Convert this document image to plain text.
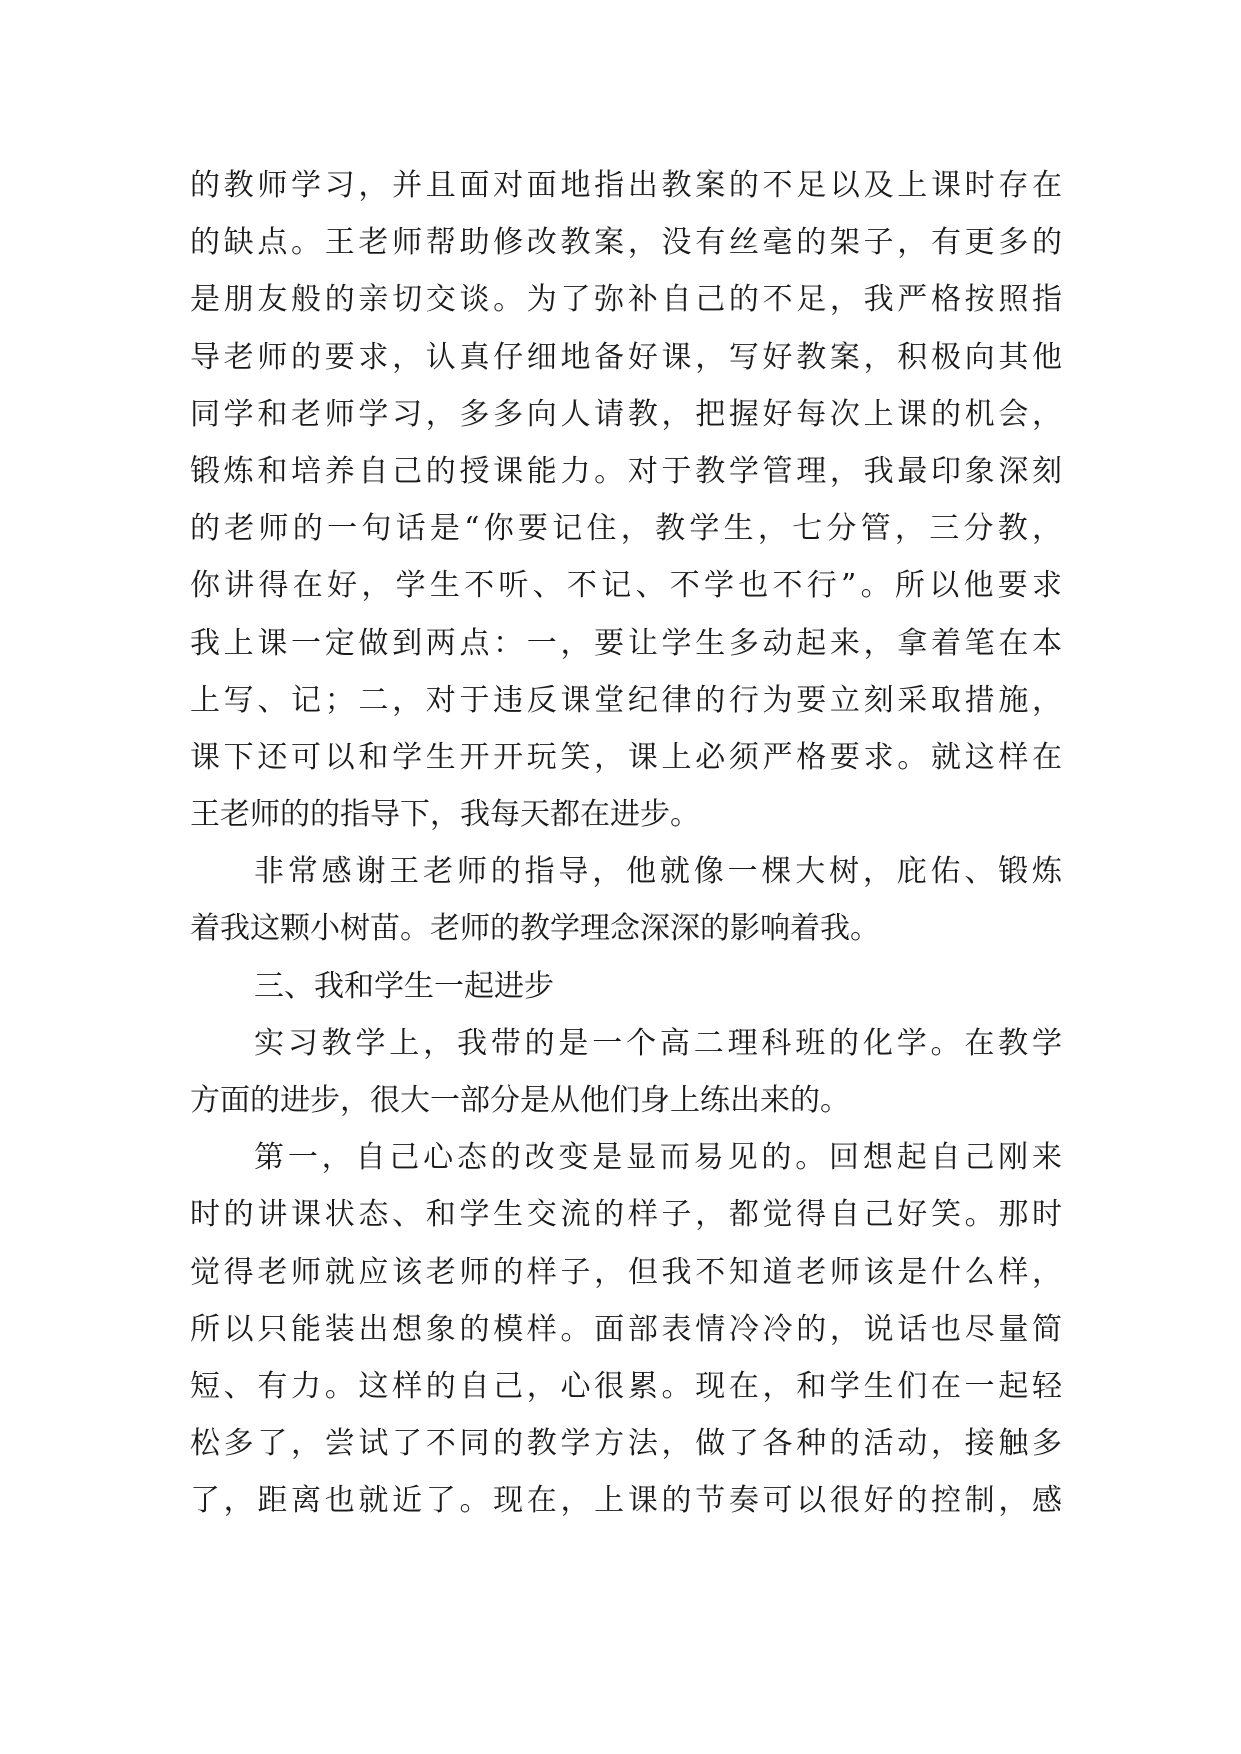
的教师学习，并且面对面地指出教案的不足以及上课时存在
的缺点。王老师帮助修改教案，没有丝毫的架子，有更多的
是朋友般的亲切交谈。为了弥补自己的不足，我严格按照指
导老师的要求，认真仔细地备好课，写好教案，积极向其他
同学和老师学习，多多向人请教，把握好每次上课的机会，
锻炼和培养自己的授课能力。对于教学管理，我最印象深刻
的老师的一句话是“你要记住，教学生，七分管，三分教，
你讲得在好，学生不听、不记、不学也不行”。所以他要求
我上课一定做到两点：一，要让学生多动起来，拿着笔在本
上写、记；二，对于违反课堂纪律的行为要立刻采取措施，
课下还可以和学生开开玩笑，课上必须严格要求。就这样在
王老师的的指导下，我每天都在进步。
非常感谢王老师的指导，他就像一棵大树，庇佑、锻炼
着我这颗小树苗。老师的教学理念深深的影响着我。
三、我和学生一起进步
实习教学上，我带的是一个高二理科班的化学。在教学
方面的进步，很大一部分是从他们身上练出来的。
第一，自己心态的改变是显而易见的。回想起自己刚来
时的讲课状态、和学生交流的样子，都觉得自己好笑。那时
觉得老师就应该老师的样子，但我不知道老师该是什么样，
所以只能装出想象的模样。面部表情冷冷的，说话也尽量简
短、有力。这样的自己，心很累。现在，和学生们在一起轻
松多了，尝试了不同的教学方法，做了各种的活动，接触多
了，距离也就近了。现在，上课的节奏可以很好的控制，感
